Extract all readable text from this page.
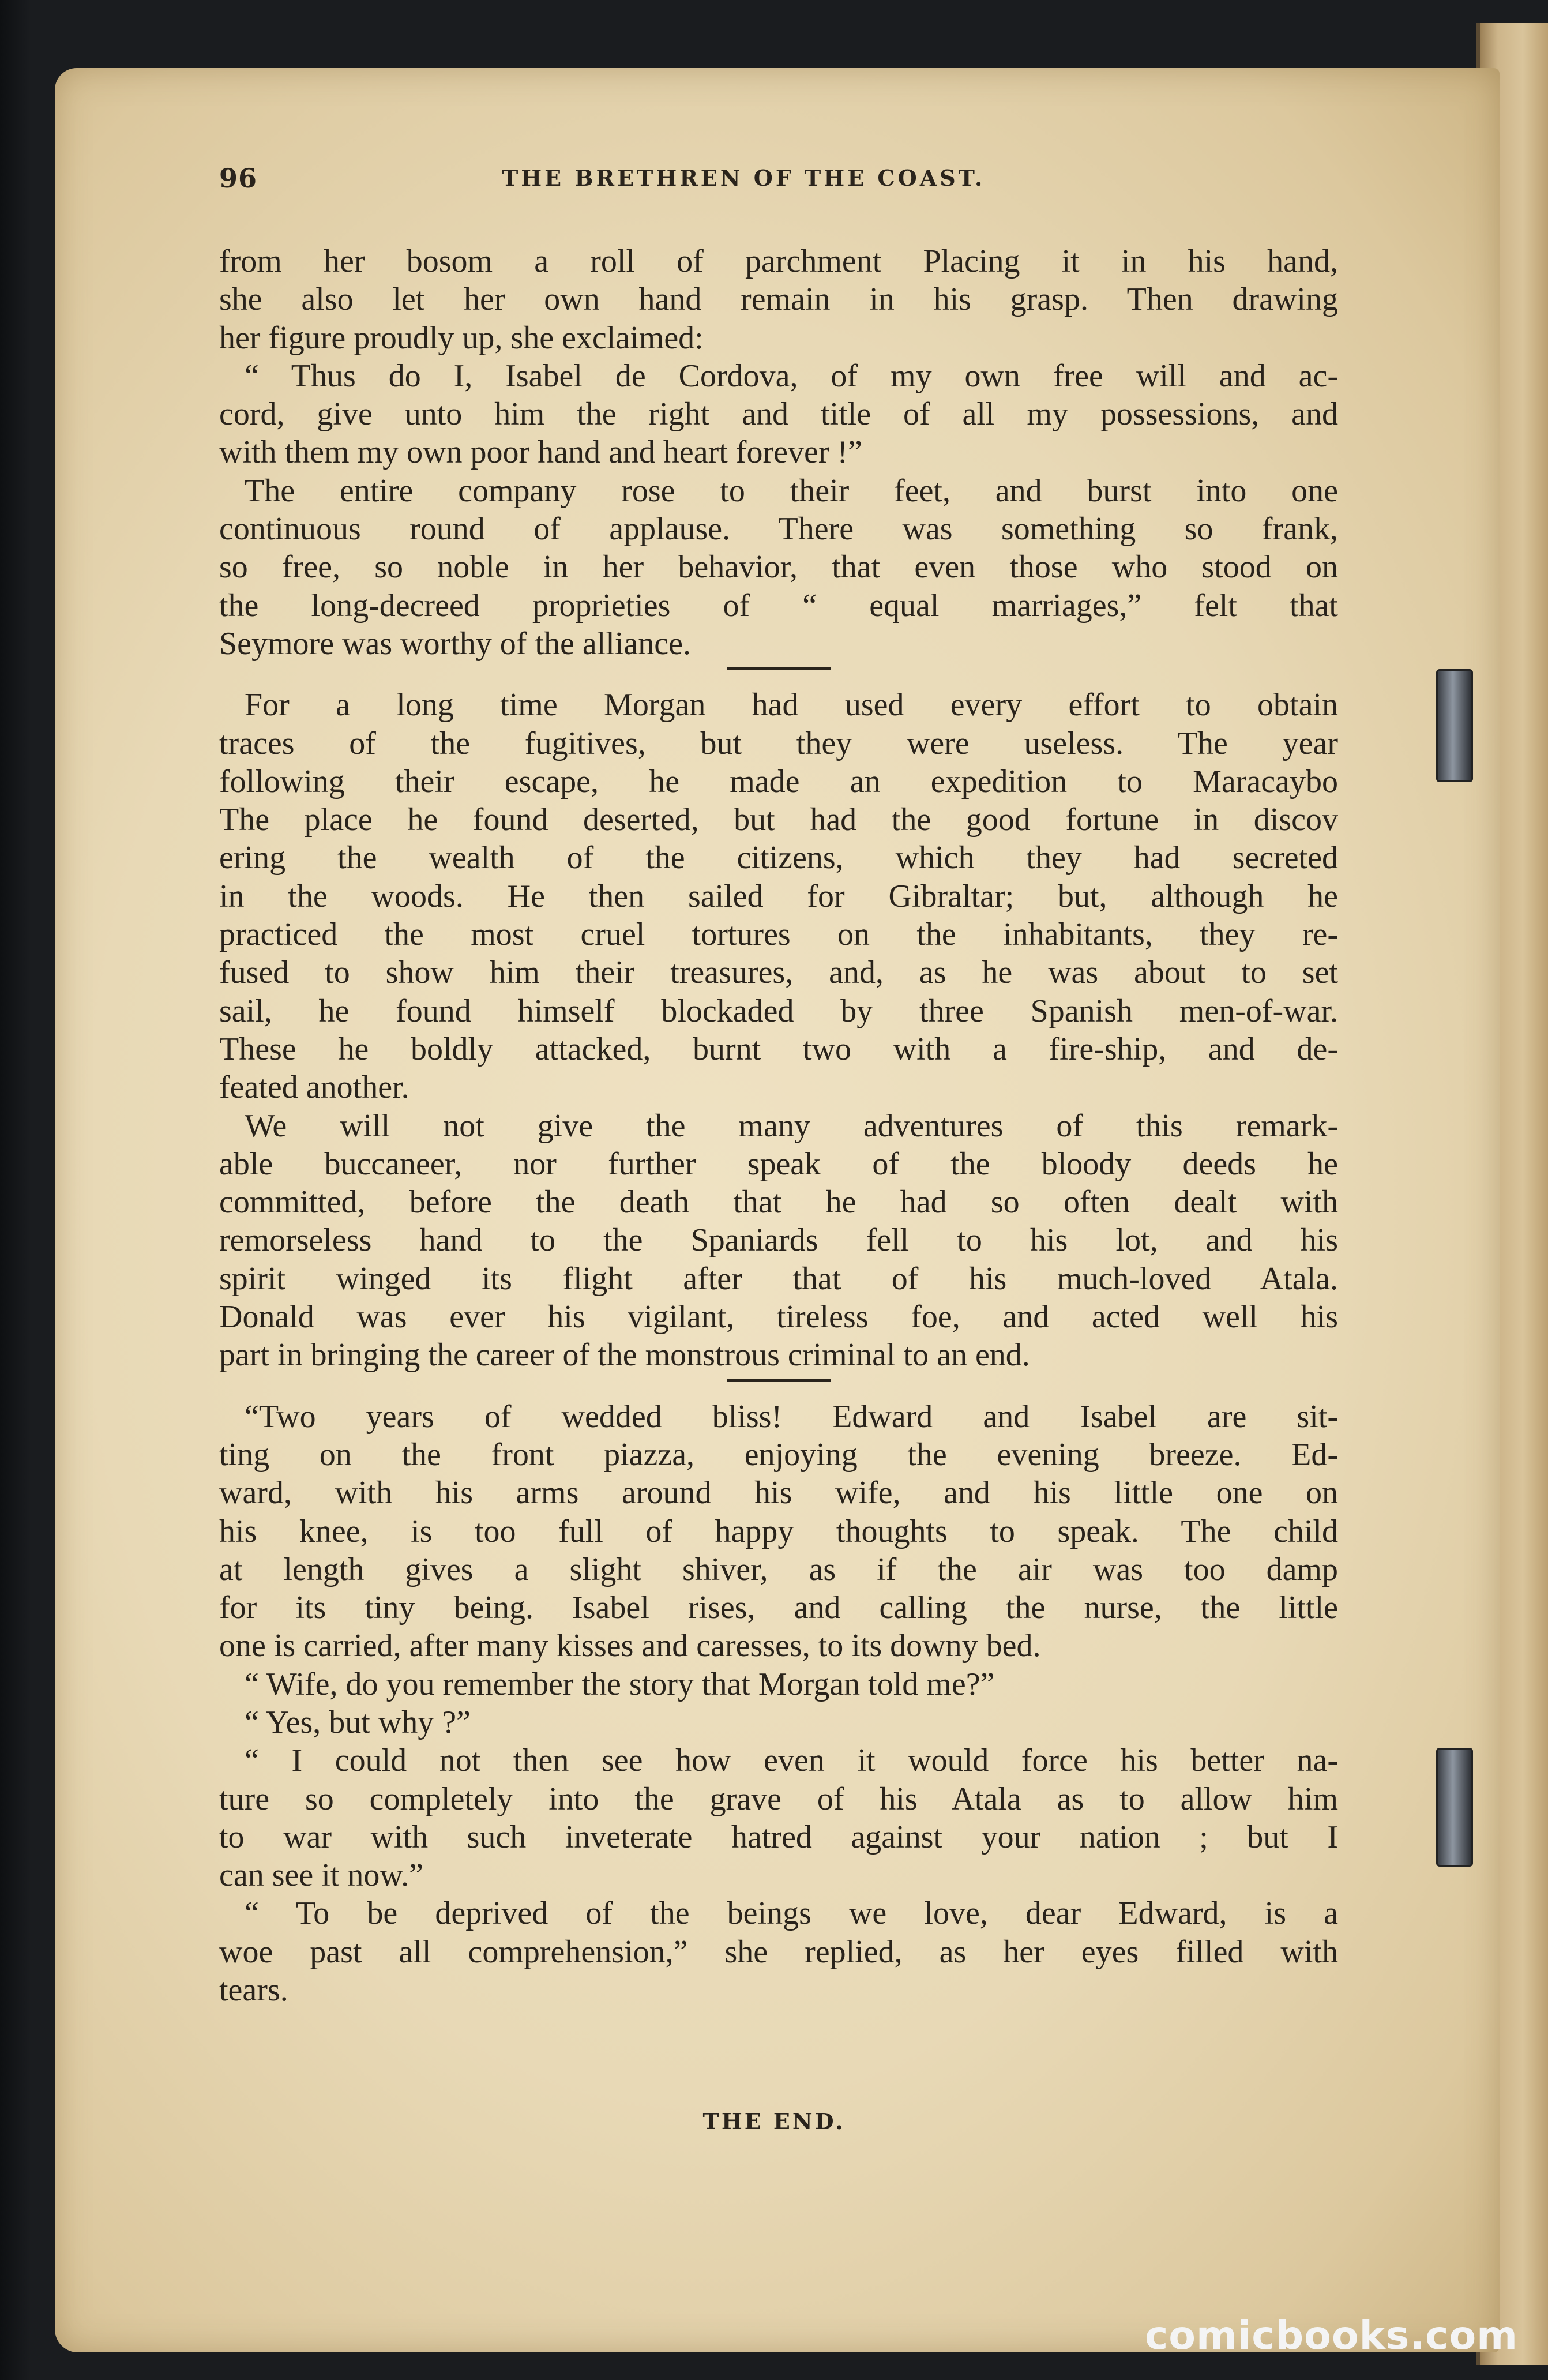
96	THE BRETHREN OF THE COAST.
from her bosom a roll of parchment Placing it in his hand,
she also let her own hand remain in his grasp. Then drawing
her figure proudly up, she exclaimed:
“ Thus do I, Isabel de Cordova, of my own free will and ac-
cord, give unto him the right and title of all my possessions, and
with them my own poor hand and heart forever !”
The entire company rose to their feet, and burst into one
continuous round of applause. There was something so frank,
so free, so noble in her behavior, that even those who stood on
the long-decreed proprieties of “ equal marriages,” felt that
Seymore was worthy of the alliance.
For a long time Morgan had used every effort to obtain
traces of the fugitives, but they were useless. The year
following their escape, he made an expedition to Maracaybo
The place he found deserted, but had the good fortune in discov
ering the wealth of the citizens, which they had secreted
in the woods. He then sailed for Gibraltar; but, although he
practiced the most cruel tortures on the inhabitants, they re-
fused to show him their treasures, and, as he was about to set
sail, he found himself blockaded by three Spanish men-of-war.
These he boldly attacked, burnt two with a fire-ship, and de-
feated another.
We will not give the many adventures of this remark-
able buccaneer, nor further speak of the bloody deeds he
committed, before the death that he had so often dealt with
remorseless hand to the Spaniards fell to his lot, and his
spirit winged its flight after that of his much-loved Atala.
Donald was ever his vigilant, tireless foe, and acted well his
part in bringing the career of the monstrous criminal to an end.
“Two years of wedded bliss! Edward and Isabel are sit-
ting on the front piazza, enjoying the evening breeze. Ed-
ward, with his arms around his wife, and his little one on
his knee, is too full of happy thoughts to speak. The child
at length gives a slight shiver, as if the air was too damp
for its tiny being. Isabel rises, and calling the nurse, the little
one is carried, after many kisses and caresses, to its downy bed.
“ Wife, do you remember the story that Morgan told me?”
“ Yes, but why ?”
“ I could not then see how even it would force his better na-
ture so completely into the grave of his Atala as to allow him
to war with such inveterate hatred against your nation ; but I
can see it now.”
“ To be deprived of the beings we love, dear Edward, is a
woe past all comprehension,” she replied, as her eyes filled with
tears.
THE END.
comicbooks.com
